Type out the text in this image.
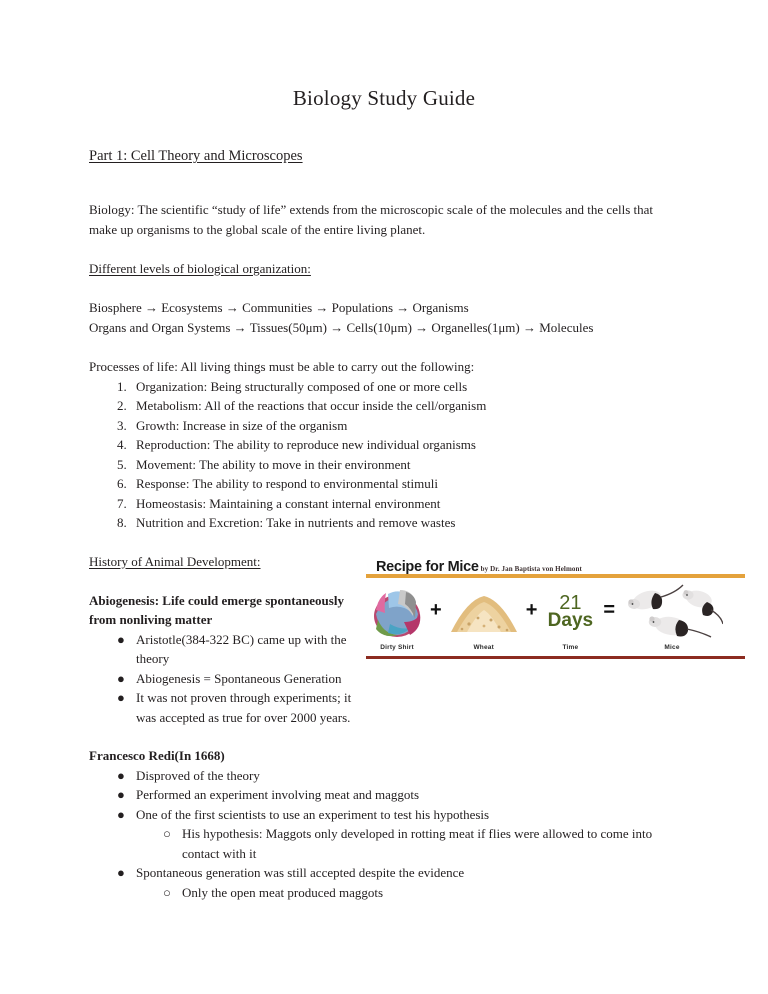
Biology Study Guide
Part 1: Cell Theory and Microscopes

Biology: The scientific “study of life” extends from the microscopic scale of the molecules and the cells that make up organisms to the global scale of the entire living planet.

Different levels of biological organization:

Biosphere → Ecosystems → Communities → Populations → Organisms

Organs and Organ Systems → Tissues(50μm) → Cells(10μm) → Organelles(1μm) → Molecules

Processes of life: All living things must be able to carry out the following:

Organization: Being structurally composed of one or more cells
Metabolism: All of the reactions that occur inside the cell/organism
Growth: Increase in size of the organism
Reproduction: The ability to reproduce new individual organisms
Movement: The ability to move in their environment
Response: The ability to respond to environmental stimuli
Homeostasis: Maintaining a constant internal environment
Nutrition and Excretion: Take in nutrients and remove wastes

History of Animal Development:

Abiogenesis: Life could emerge spontaneously from nonliving matter

● Aristotle(384-322 BC) came up with the theory
● Abiogenesis = Spontaneous Generation
● It was not proven through experiments; it was accepted as true for over 2000 years.

Francesco Redi(In 1668)

● Disproved of the theory
● Performed an experiment involving meat and maggots
● One of the first scientists to use an experiment to test his hypothesis
○ His hypothesis: Maggots only developed in rotting meat if flies were allowed to come into contact with it
● Spontaneous generation was still accepted despite the evidence
○ Only the open meat produced maggots
Recipe for Mice by Dr. Jan Baptista von Helmont
Dirty Shirt
+
Wheat
+	21
Days
Time
=
Mice
